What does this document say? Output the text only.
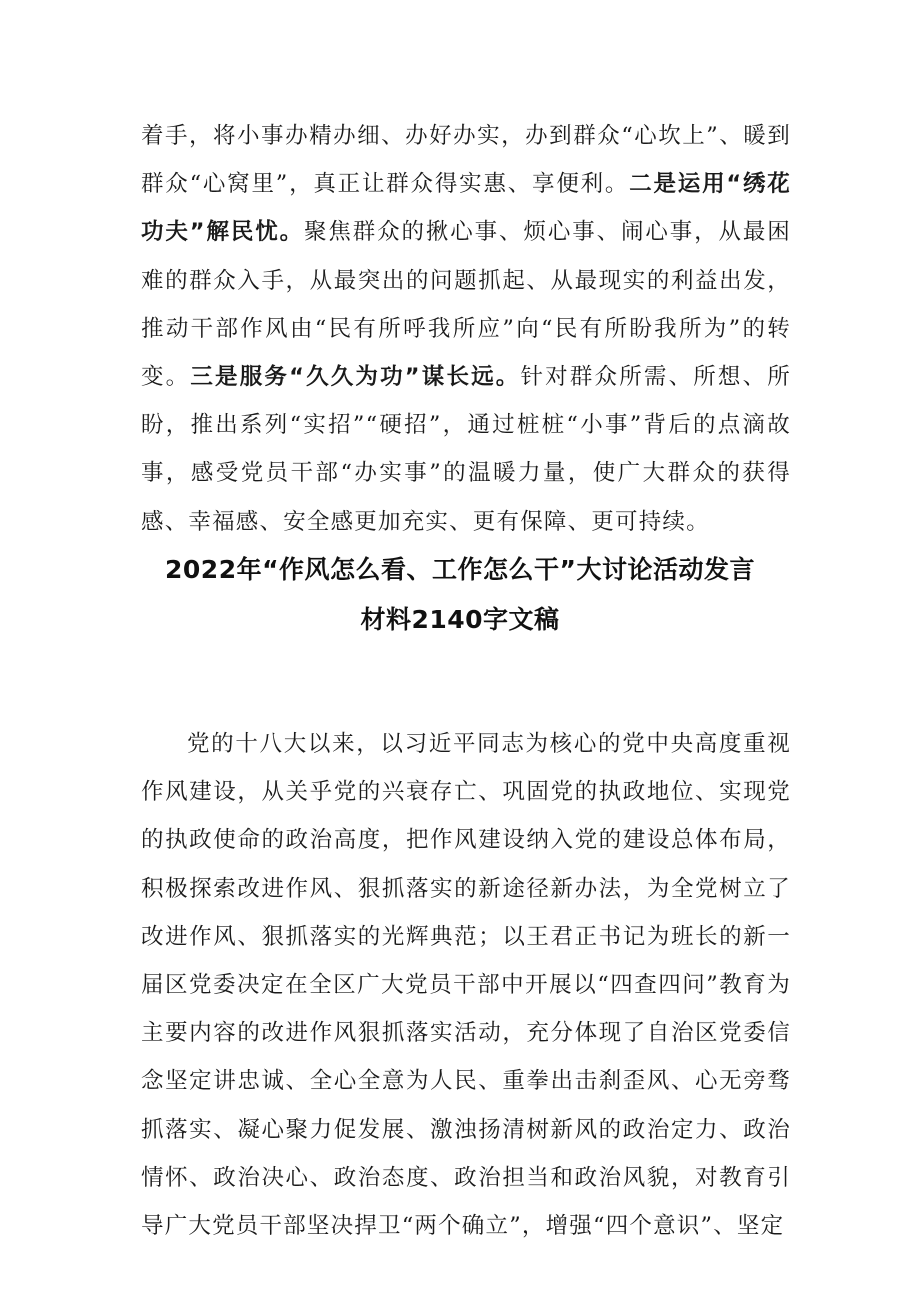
着手，将小事办精办细、办好办实，办到群众“心坎上”、暖到群众“心窝里”，真正让群众得实惠、享便利。二是运用“绣花功夫”解民忧。聚焦群众的揪心事、烦心事、闹心事，从最困难的群众入手，从最突出的问题抓起、从最现实的利益出发，推动干部作风由“民有所呼我所应”向“民有所盼我所为”的转变。三是服务“久久为功”谋长远。针对群众所需、所想、所盼，推出系列“实招”“硬招”，通过桩桩“小事”背后的点滴故事，感受党员干部“办实事”的温暖力量，使广大群众的获得感、幸福感、安全感更加充实、更有保障、更可持续。

2022年“作风怎么看、工作怎么干”大讨论活动发言
材料2140字文稿

党的十八大以来，以习近平同志为核心的党中央高度重视作风建设，从关乎党的兴衰存亡、巩固党的执政地位、实现党的执政使命的政治高度，把作风建设纳入党的建设总体布局，积极探索改进作风、狠抓落实的新途径新办法，为全党树立了改进作风、狠抓落实的光辉典范；以王君正书记为班长的新一届区党委决定在全区广大党员干部中开展以“四查四问”教育为主要内容的改进作风狠抓落实活动，充分体现了自治区党委信念坚定讲忠诚、全心全意为人民、重拳出击刹歪风、心无旁骛抓落实、凝心聚力促发展、激浊扬清树新风的政治定力、政治情怀、政治决心、政治态度、政治担当和政治风貌，对教育引导广大党员干部坚决捍卫“两个确立”，增强“四个意识”、坚定
